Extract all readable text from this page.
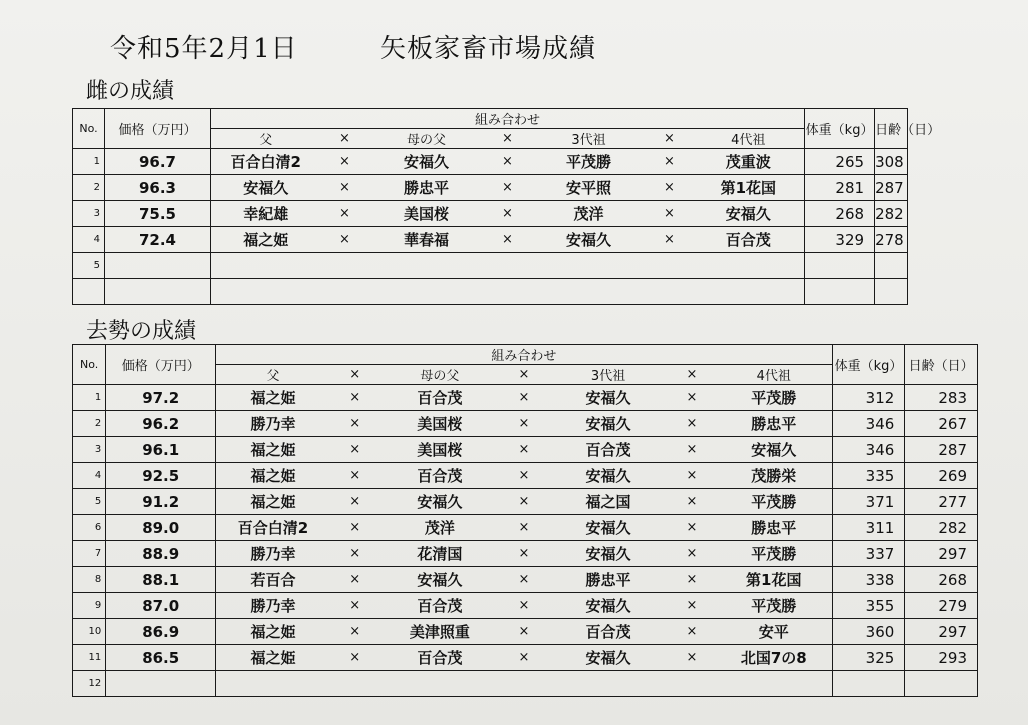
令和5年2月1日	矢板家畜市場成績
雌の成績
No.	価格（万円）	組み合わせ							体重（kg）	日齢（日）
		父	×	母の父	×	3代祖	×	4代祖		
1	96.7	百合白清2	×	安福久	×	平茂勝	×	茂重波	265	308
2	96.3	安福久	×	勝忠平	×	安平照	×	第1花国	281	287
3	75.5	幸紀雄	×	美国桜	×	茂洋	×	安福久	268	282
4	72.4	福之姫	×	華春福	×	安福久	×	百合茂	329	278
5										

去勢の成績
No.	価格（万円）	組み合わせ							体重（kg）	日齢（日）
		父	×	母の父	×	3代祖	×	4代祖		
1	97.2	福之姫	×	百合茂	×	安福久	×	平茂勝	312	283
2	96.2	勝乃幸	×	美国桜	×	安福久	×	勝忠平	346	267
3	96.1	福之姫	×	美国桜	×	百合茂	×	安福久	346	287
4	92.5	福之姫	×	百合茂	×	安福久	×	茂勝栄	335	269
5	91.2	福之姫	×	安福久	×	福之国	×	平茂勝	371	277
6	89.0	百合白清2	×	茂洋	×	安福久	×	勝忠平	311	282
7	88.9	勝乃幸	×	花清国	×	安福久	×	平茂勝	337	297
8	88.1	若百合	×	安福久	×	勝忠平	×	第1花国	338	268
9	87.0	勝乃幸	×	百合茂	×	安福久	×	平茂勝	355	279
10	86.9	福之姫	×	美津照重	×	百合茂	×	安平	360	297
11	86.5	福之姫	×	百合茂	×	安福久	×	北国7の8	325	293
12										
